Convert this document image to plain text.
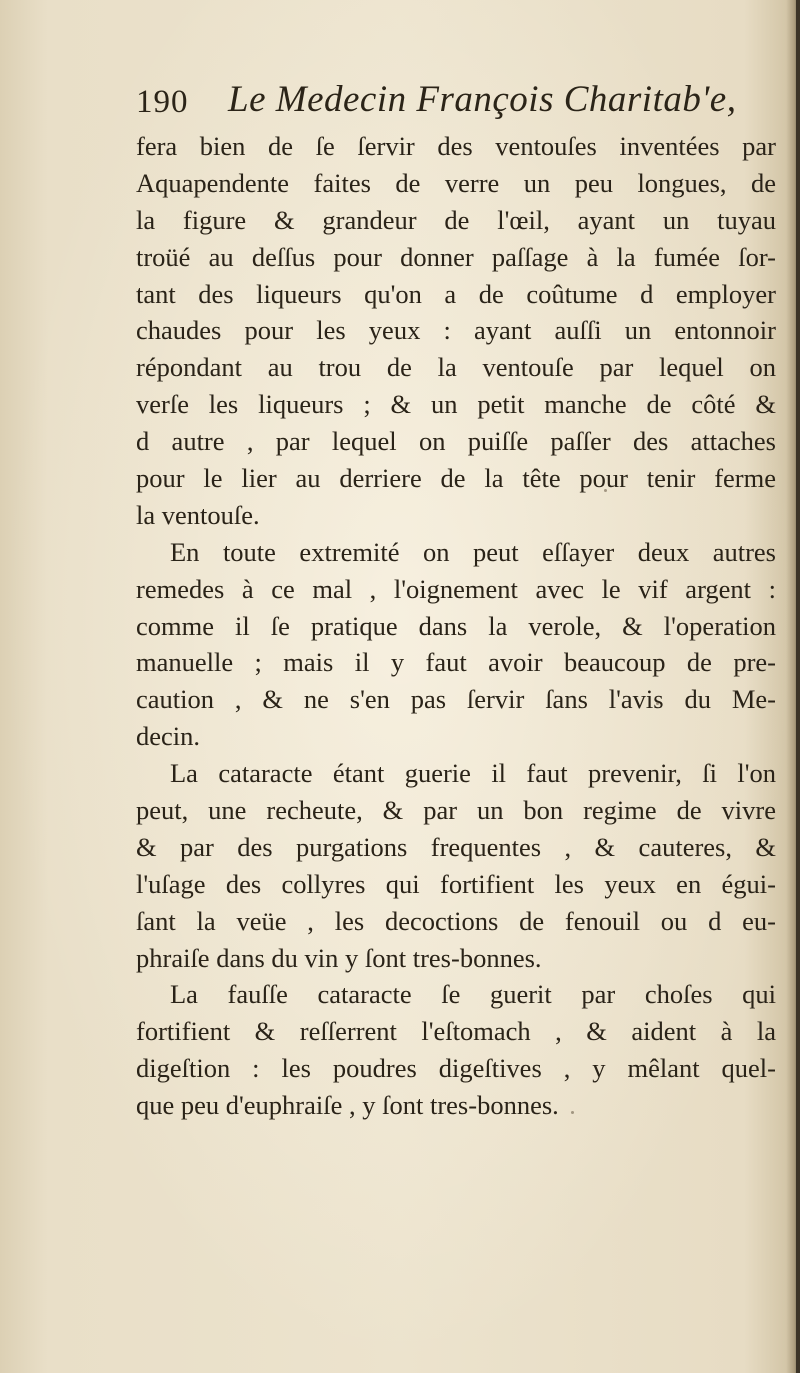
190 Le Medecin François Charitab'e,
fera bien de ſe ſervir des ventouſes inventées par
Aquapendente faites de verre un peu longues, de
la figure & grandeur de l'œil, ayant un tuyau
troüé au deſſus pour donner paſſage à la fumée ſor-
tant des liqueurs qu'on a de coûtume d employer
chaudes pour les yeux : ayant auſſi un entonnoir
répondant au trou de la ventouſe par lequel on
verſe les liqueurs ; & un petit manche de côté &
d autre , par lequel on puiſſe paſſer des attaches
pour le lier au derriere de la tête pour tenir ferme
la ventouſe.
En toute extremité on peut eſſayer deux autres
remedes à ce mal , l'oignement avec le vif argent :
comme il ſe pratique dans la verole, & l'operation
manuelle ; mais il y faut avoir beaucoup de pre-
caution , & ne s'en pas ſervir ſans l'avis du Me-
decin.
La cataracte étant guerie il faut prevenir, ſi l'on
peut, une recheute, & par un bon regime de vivre
& par des purgations frequentes , & cauteres, &
l'uſage des collyres qui fortifient les yeux en égui-
ſant la veüe , les decoctions de fenouil ou d eu-
phraiſe dans du vin y ſont tres-bonnes.
La fauſſe cataracte ſe guerit par choſes qui
fortifient & reſſerrent l'eſtomach , & aident à la
digeſtion : les poudres digeſtives , y mêlant quel-
que peu d'euphraiſe , y ſont tres-bonnes.
